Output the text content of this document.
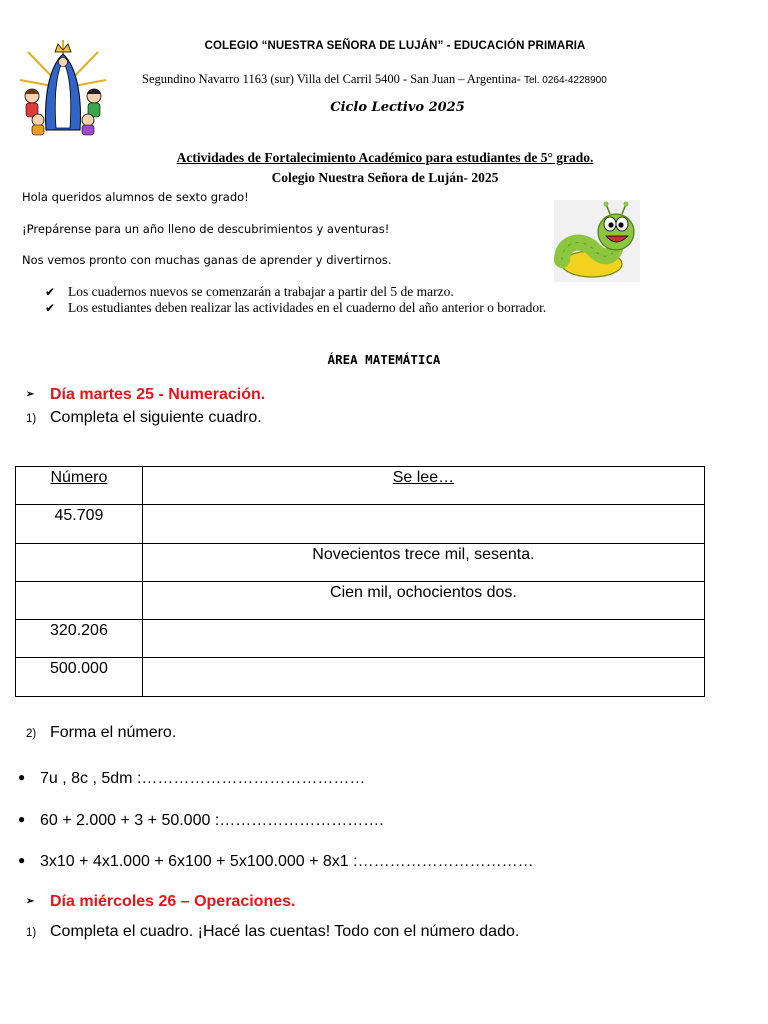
COLEGIO “NUESTRA SEÑORA DE LUJÁN” - EDUCACIÓN PRIMARIA
Segundino Navarro 1163 (sur) Villa del Carril 5400 - San Juan – Argentina- Tel. 0264-4228900
Ciclo Lectivo 2025
Actividades de Fortalecimiento Académico para estudiantes de 5° grado.
Colegio Nuestra Señora de Luján- 2025
Hola queridos alumnos de sexto grado!
¡Prepárense para un año lleno de descubrimientos y aventuras!
Nos vemos pronto con muchas ganas de aprender y divertirnos.
✔ Los cuadernos nuevos se comenzarán a trabajar a partir del 5 de marzo.
✔ Los estudiantes deben realizar las actividades en el cuaderno del año anterior o borrador.
ÁREA MATEMÁTICA
➢ Día martes 25 - Numeración.
1) Completa el siguiente cuadro.
Número	Se lee…
45.709	
	Novecientos trece mil, sesenta.
	Cien mil, ochocientos dos.
320.206	
500.000	
2) Forma el número.
● 7u , 8c , 5dm :……………………………………
● 60 + 2.000 + 3 + 50.000 :………………………….
● 3x10 + 4x1.000 + 6x100 + 5x100.000 + 8x1 :……………………………
➢ Día miércoles 26 – Operaciones.
1) Completa el cuadro. ¡Hacé las cuentas! Todo con el número dado.
